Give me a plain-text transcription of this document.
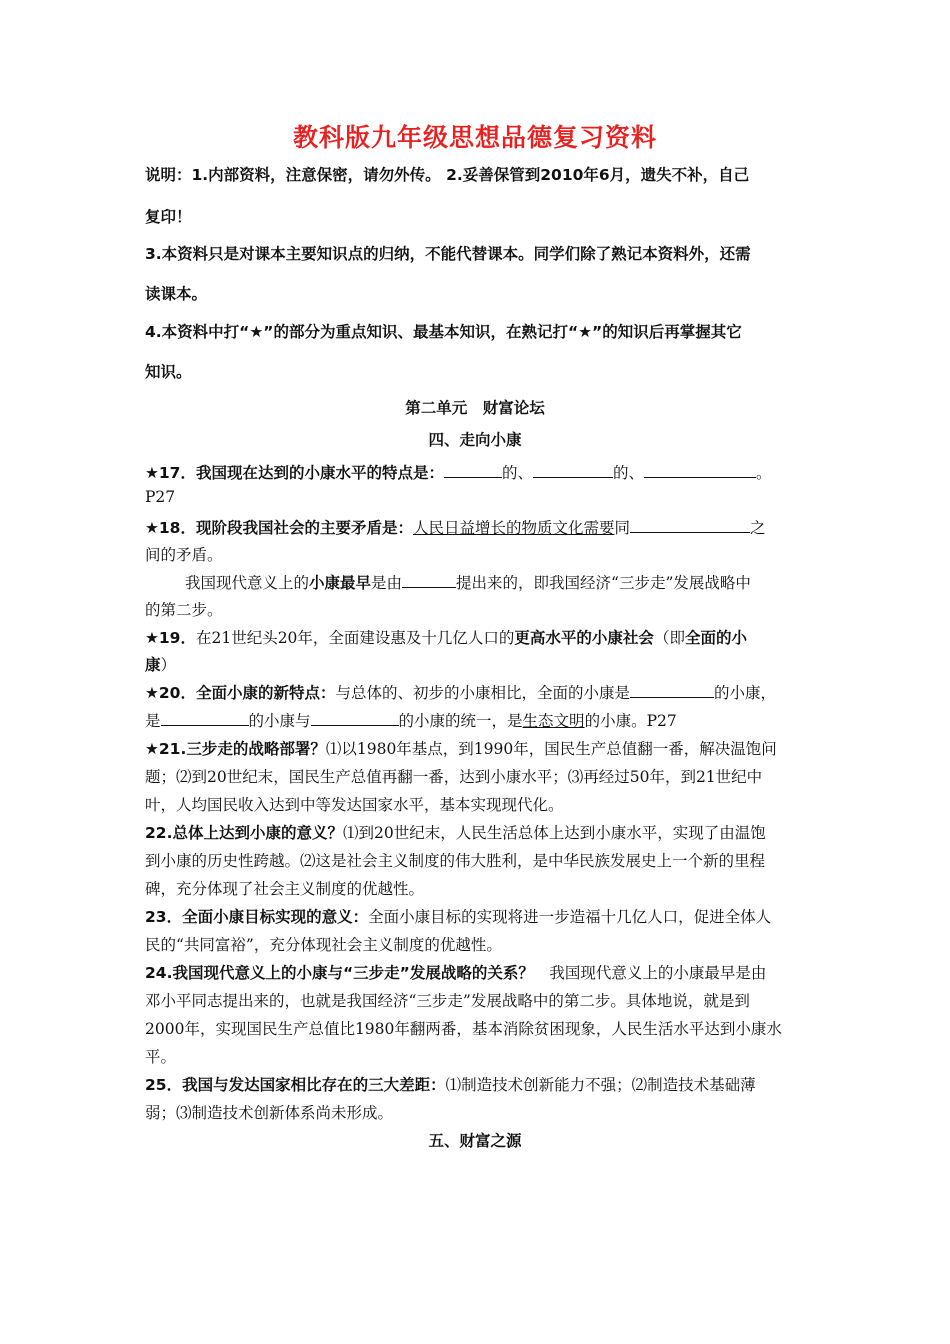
教科版九年级思想品德复习资料
说明：1.内部资料，注意保密，请勿外传。 2.妥善保管到2010年6月，遗失不补，自己
复印！
3.本资料只是对课本主要知识点的归纳，不能代替课本。同学们除了熟记本资料外，还需
读课本。
4.本资料中打“★”的部分为重点知识、最基本知识，在熟记打“★”的知识后再掌握其它
知识。
第二单元　财富论坛
四、走向小康
★17．我国现在达到的小康水平的特点是：	的、	的、	。
P27
★18．现阶段我国社会的主要矛盾是：人民日益增长的物质文化需要同	之
间的矛盾。
我国现代意义上的小康最早是由	提出来的，即我国经济“三步走”发展战略中
的第二步。
★19．在21世纪头20年，全面建设惠及十几亿人口的更高水平的小康社会（即全面的小
康）
★20．全面小康的新特点：与总体的、初步的小康相比，全面的小康是	的小康，
是	的小康与	的小康的统一，是生态文明的小康。P27
★21.三步走的战略部署？⑴以1980年基点，到1990年，国民生产总值翻一番，解决温饱问
题；⑵到20世纪末，国民生产总值再翻一番，达到小康水平；⑶再经过50年，到21世纪中
叶，人均国民收入达到中等发达国家水平，基本实现现代化。
22.总体上达到小康的意义？⑴到20世纪末，人民生活总体上达到小康水平，实现了由温饱
到小康的历史性跨越。⑵这是社会主义制度的伟大胜利，是中华民族发展史上一个新的里程
碑，充分体现了社会主义制度的优越性。
23．全面小康目标实现的意义：全面小康目标的实现将进一步造福十几亿人口，促进全体人
民的“共同富裕”，充分体现社会主义制度的优越性。
24.我国现代意义上的小康与“三步走”发展战略的关系？　我国现代意义上的小康最早是由
邓小平同志提出来的，也就是我国经济“三步走”发展战略中的第二步。具体地说，就是到
2000年，实现国民生产总值比1980年翻两番，基本消除贫困现象，人民生活水平达到小康水
平。
25．我国与发达国家相比存在的三大差距：⑴制造技术创新能力不强；⑵制造技术基础薄
弱；⑶制造技术创新体系尚未形成。
五、财富之源
